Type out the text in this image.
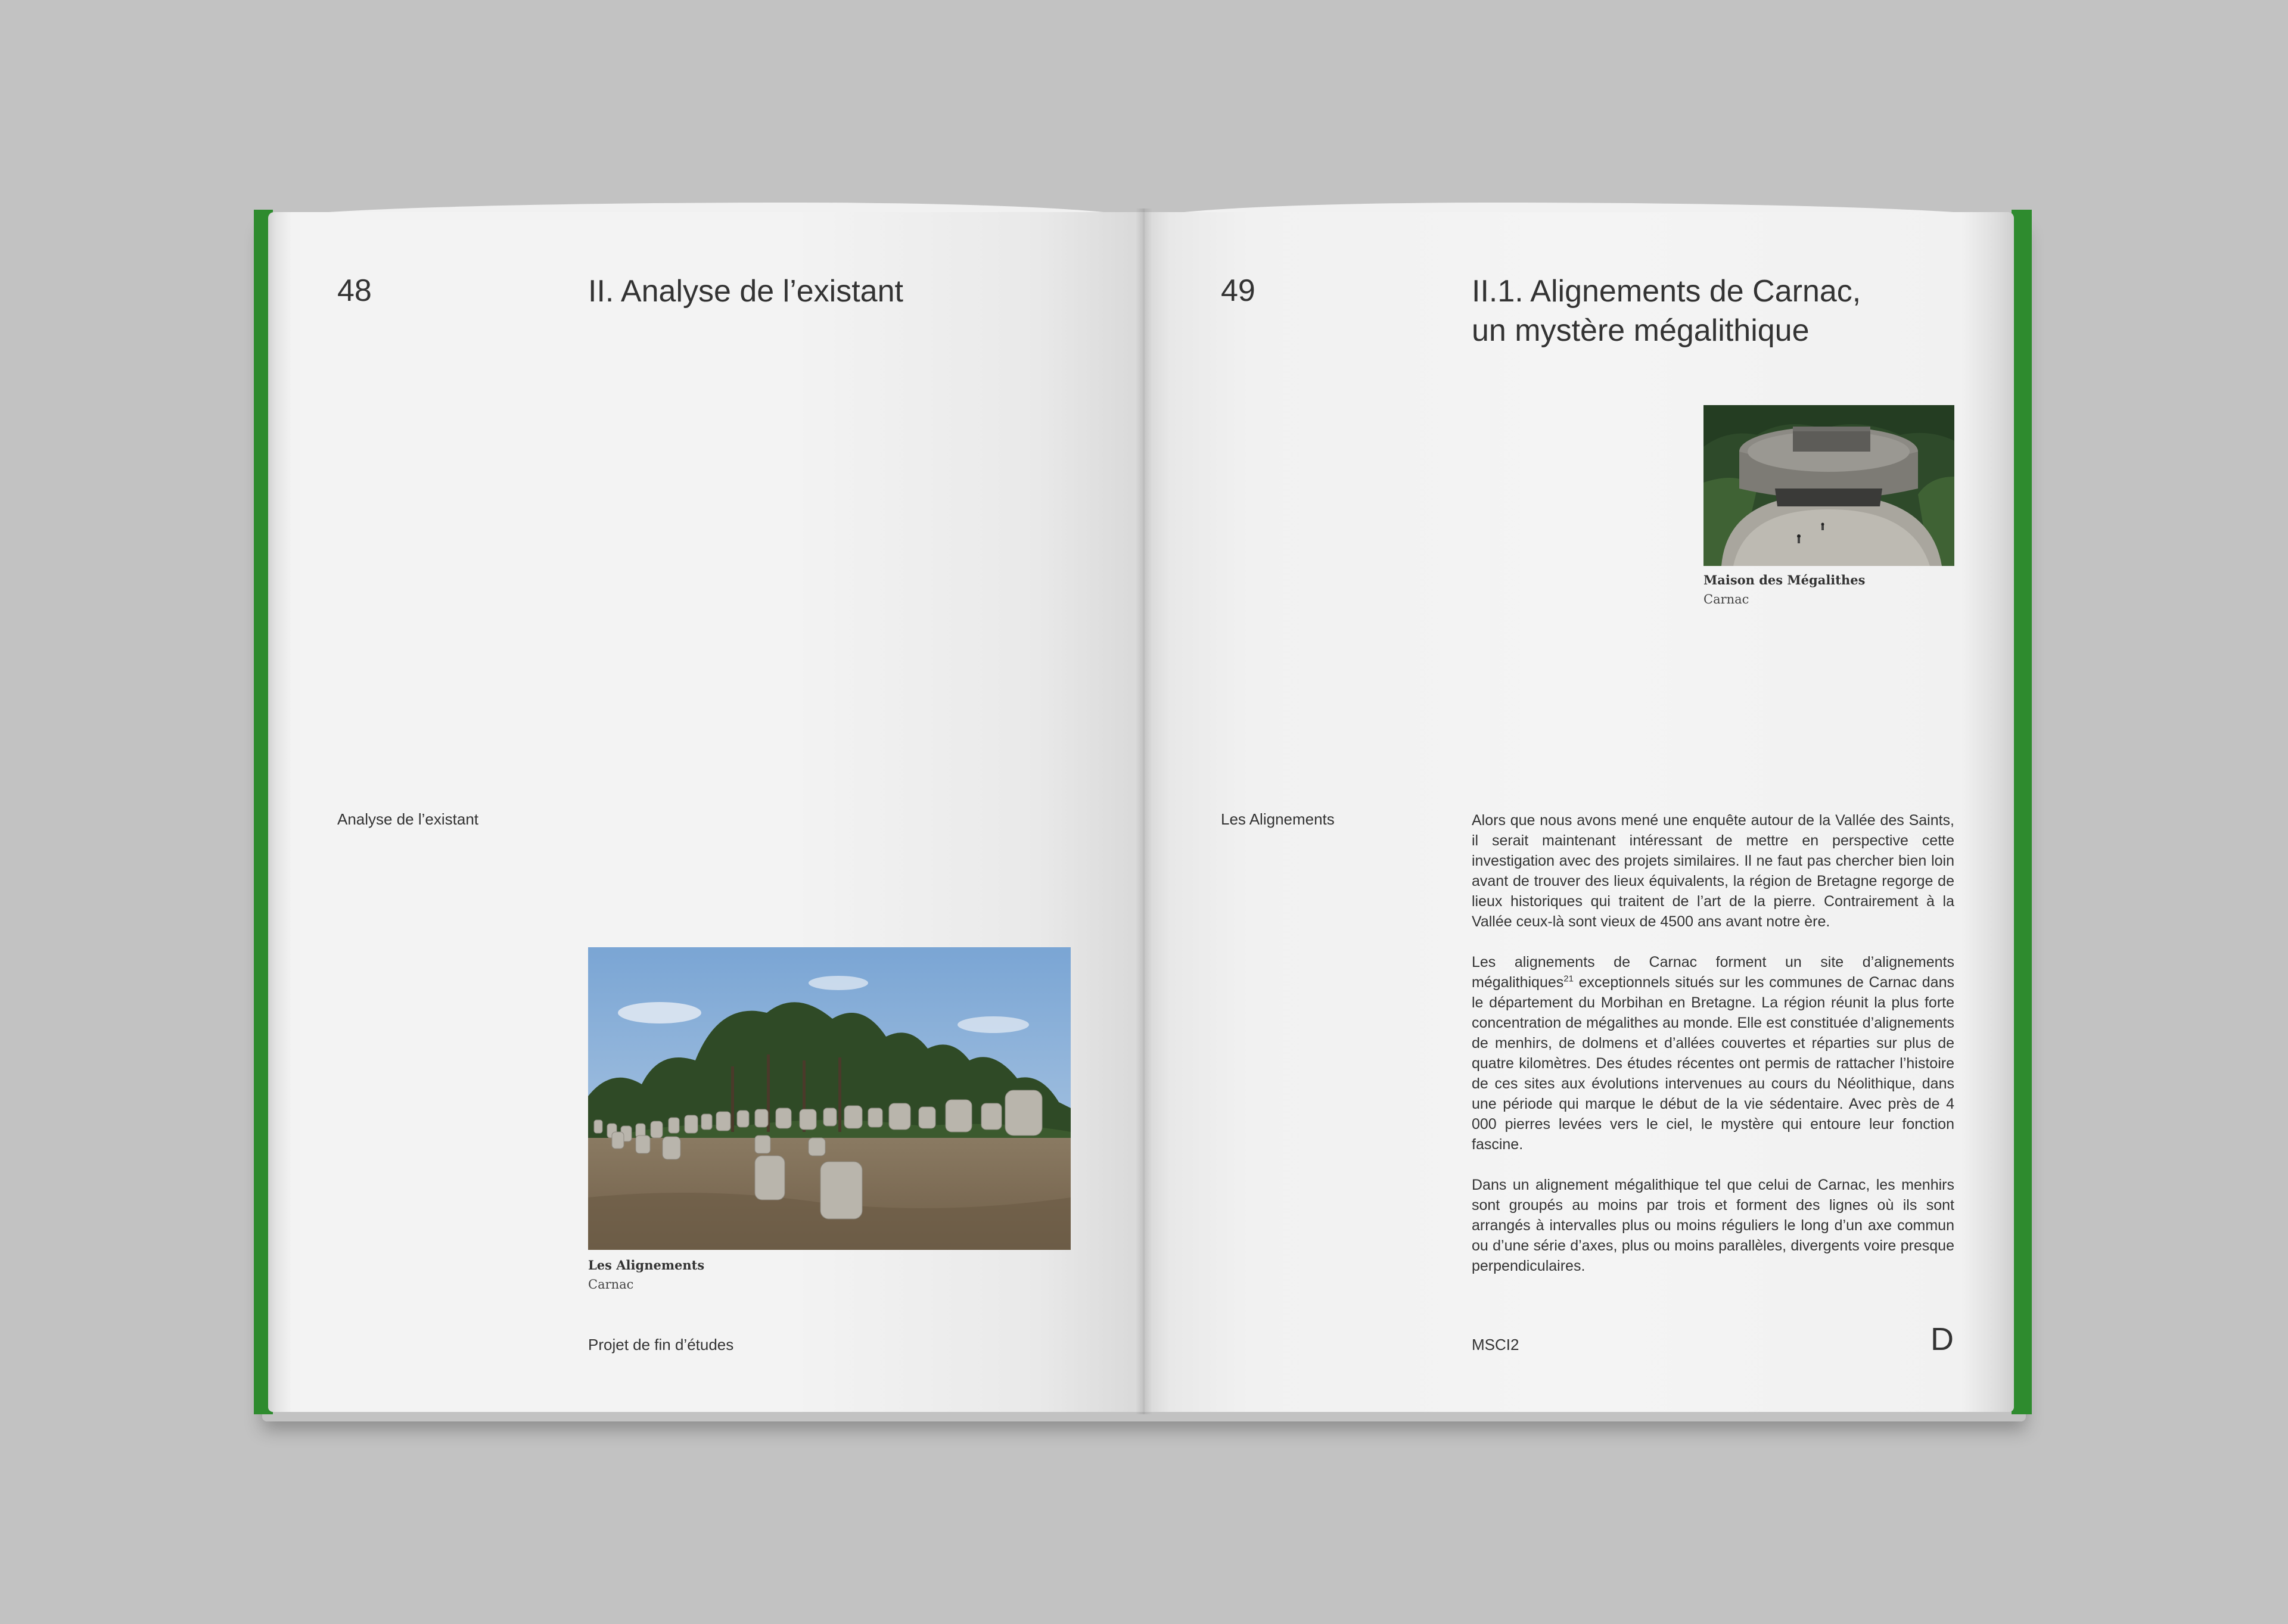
48	II. Analyse de l’existant
Analyse de l’existant
Les Alignements
Carnac
Projet de fin d’études
49	II.1. Alignements de Carnac,
un mystère mégalithique
Maison des Mégalithes
Carnac
Les Alignements	Alors que nous avons mené une enquête autour de la Vallée des Saints, il serait maintenant intéressant de mettre en perspective cette investigation avec des projets similaires. Il ne faut pas chercher bien loin avant de trouver des lieux équivalents, la région de Bretagne regorge de lieux historiques qui traitent de l’art de la pierre. Contrairement à la Vallée ceux-là sont vieux de 4500 ans avant notre ère.

Les alignements de Carnac forment un site d’alignements mégalithiques$^{21}$ exceptionnels situés sur les communes de Carnac dans le département du Morbihan en Bretagne. La région réunit la plus forte concentration de mégalithes au monde. Elle est constituée d’alignements de menhirs, de dolmens et d’allées couvertes et réparties sur plus de quatre kilomètres. Des études récentes ont permis de rattacher l’histoire de ces sites aux évolutions intervenues au cours du Néolithique, dans une période qui marque le début de la vie sédentaire. Avec près de 4 000 pierres levées vers le ciel, le mystère qui entoure leur fonction fascine.

Dans un alignement mégalithique tel que celui de Carnac, les menhirs sont groupés au moins par trois et forment des lignes où ils sont arrangés à intervalles plus ou moins réguliers le long d’un axe commun ou d’une série d’axes, plus ou moins parallèles, divergents voire presque perpendiculaires.

MSCI2	D
